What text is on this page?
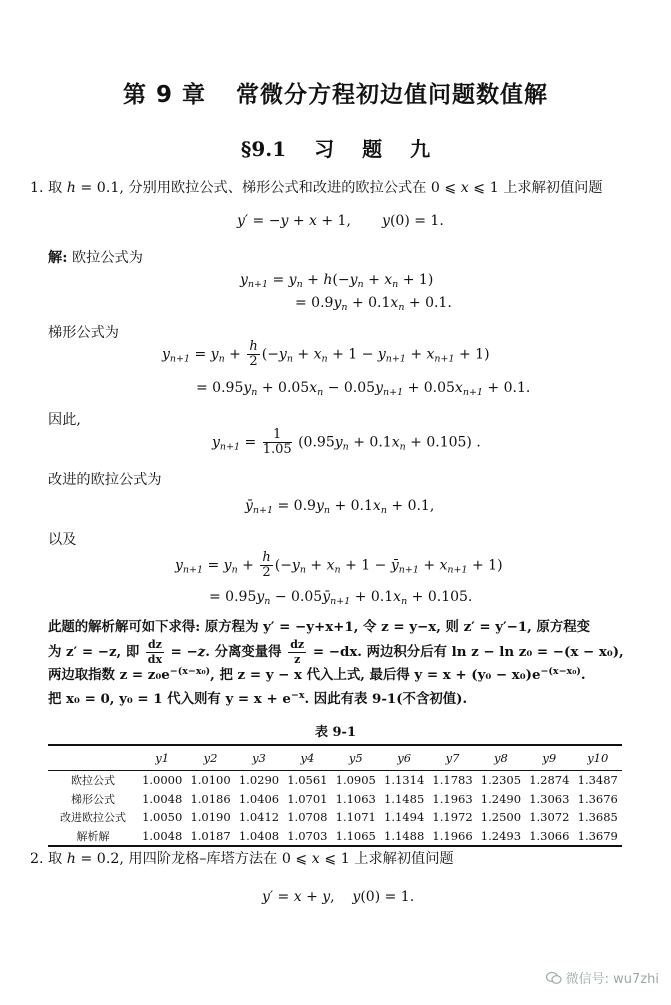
第 9 章 常微分方程初边值问题数值解
§9.1 习 题 九
1. 取 h = 0.1, 分别用欧拉公式、梯形公式和改进的欧拉公式在 0 ⩽ x ⩽ 1 上求解初值问题
y′ = −y + x + 1,       y(0) = 1.
解: 欧拉公式为
$y_{n+1} = y_n + h(-y_n + x_n + 1)$
= $0.9y_n + 0.1x_n + 0.1$.
梯形公式为
$y_{n+1} = y_n + \frac{h}{2} (-y_n + x_n + 1 - y_{n+1} + x_{n+1} + 1)$
= $0.95y_n + 0.05x_n - 0.05y_{n+1} + 0.05x_{n+1} + 0.1$.
因此,
$y_{n+1} = \frac{1}{1.05} (0.95y_n + 0.1x_n + 0.105)$ .
改进的欧拉公式为
$ȳ_{n+1} = 0.9y_n + 0.1x_n + 0.1$,
以及
$y_{n+1} = y_n + \frac{h}{2} (-y_n + x_n + 1$ − $ȳ_{n+1} + x_{n+1} + 1$)
= $0.95y_n$ − $0.05ȳ_{n+1} + 0.1x_n + 0.105$.
此题的解析解可如下求得: 原方程为 y′ = −y+x+1, 令 z = y−x, 则 z′ = y′−1, 原方程变
为 z′ = −z, 即 $\frac{dz}{dx} = -z$. 分离变量得 $\frac{dz}{z} = -dx$. 两边积分后有 ln z − ln z₀ = −(x − x₀),
两边取指数 $z = z_0e^{-(x-x_0)}$, 把 z = y − x 代入上式, 最后得 $y = x + (y_0 - x_0)e^{-(x-x_0)}$.
把 x₀ = 0, y₀ = 1 代入则有 $y = x + e^{-x}$. 因此有表 9-1(不含初值).
表 9-1
	y1	y2	y3	y4	y5	y6	y7	y8	y9	y10
欧拉公式	1.0000	1.0100	1.0290	1.0561	1.0905	1.1314	1.1783	1.2305	1.2874	1.3487
梯形公式	1.0048	1.0186	1.0406	1.0701	1.1063	1.1485	1.1963	1.2490	1.3063	1.3676
改进欧拉公式	1.0050	1.0190	1.0412	1.0708	1.1071	1.1494	1.1972	1.2500	1.3072	1.3685
解析解	1.0048	1.0187	1.0408	1.0703	1.1065	1.1488	1.1966	1.2493	1.3066	1.3679
2. 取 h = 0.2, 用四阶龙格–库塔方法在 0 ⩽ x ⩽ 1 上求解初值问题
y′ = x + y,    y(0) = 1.
微信号: wu7zhi
